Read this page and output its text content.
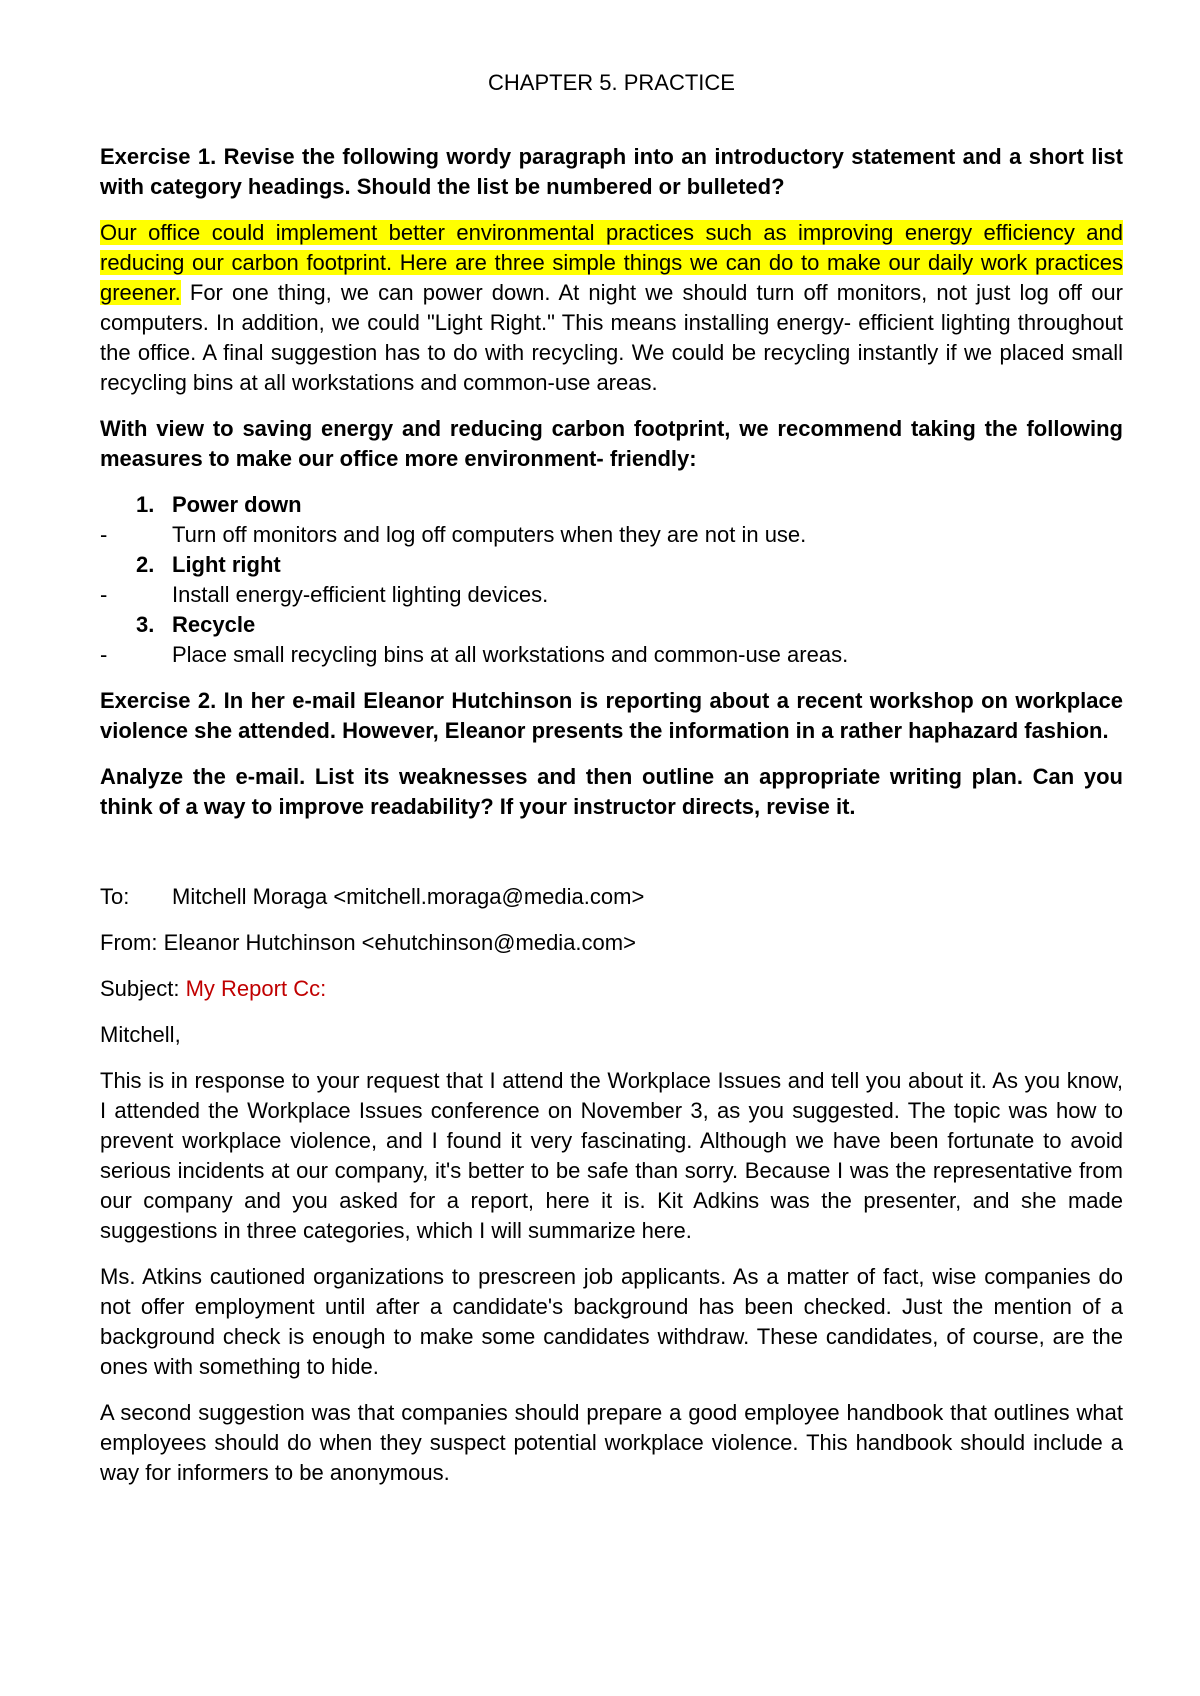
CHAPTER 5. PRACTICE

Exercise 1. Revise the following wordy paragraph into an introductory statement and a short list with category headings. Should the list be numbered or bulleted?

Our office could implement better environmental practices such as improving energy efficiency and reducing our carbon footprint. Here are three simple things we can do to make our daily work practices greener. For one thing, we can power down. At night we should turn off monitors, not just log off our computers. In addition, we could "Light Right." This means installing energy- efficient lighting throughout the office. A final suggestion has to do with recycling. We could be recycling instantly if we placed small recycling bins at all workstations and common-use areas.

With view to saving energy and reducing carbon footprint, we recommend taking the following measures to make our office more environment- friendly:

1. Power down
-	Turn off monitors and log off computers when they are not in use.
2. Light right
-	Install energy-efficient lighting devices.
3. Recycle
-	Place small recycling bins at all workstations and common-use areas.

Exercise 2. In her e-mail Eleanor Hutchinson is reporting about a recent workshop on workplace violence she attended. However, Eleanor presents the information in a rather haphazard fashion.

Analyze the e-mail. List its weaknesses and then outline an appropriate writing plan. Can you think of a way to improve readability? If your instructor directs, revise it.

To: Mitchell Moraga <mitchell.moraga@media.com>
From: Eleanor Hutchinson <ehutchinson@media.com>
Subject: My Report Cc:
Mitchell,

This is in response to your request that I attend the Workplace Issues and tell you about it. As you know, I attended the Workplace Issues conference on November 3, as you suggested. The topic was how to prevent workplace violence, and I found it very fascinating. Although we have been fortunate to avoid serious incidents at our company, it's better to be safe than sorry. Because I was the representative from our company and you asked for a report, here it is. Kit Adkins was the presenter, and she made suggestions in three categories, which I will summarize here.

Ms. Atkins cautioned organizations to prescreen job applicants. As a matter of fact, wise companies do not offer employment until after a candidate's background has been checked. Just the mention of a background check is enough to make some candidates withdraw. These candidates, of course, are the ones with something to hide.

A second suggestion was that companies should prepare a good employee handbook that outlines what employees should do when they suspect potential workplace violence. This handbook should include a way for informers to be anonymous.
